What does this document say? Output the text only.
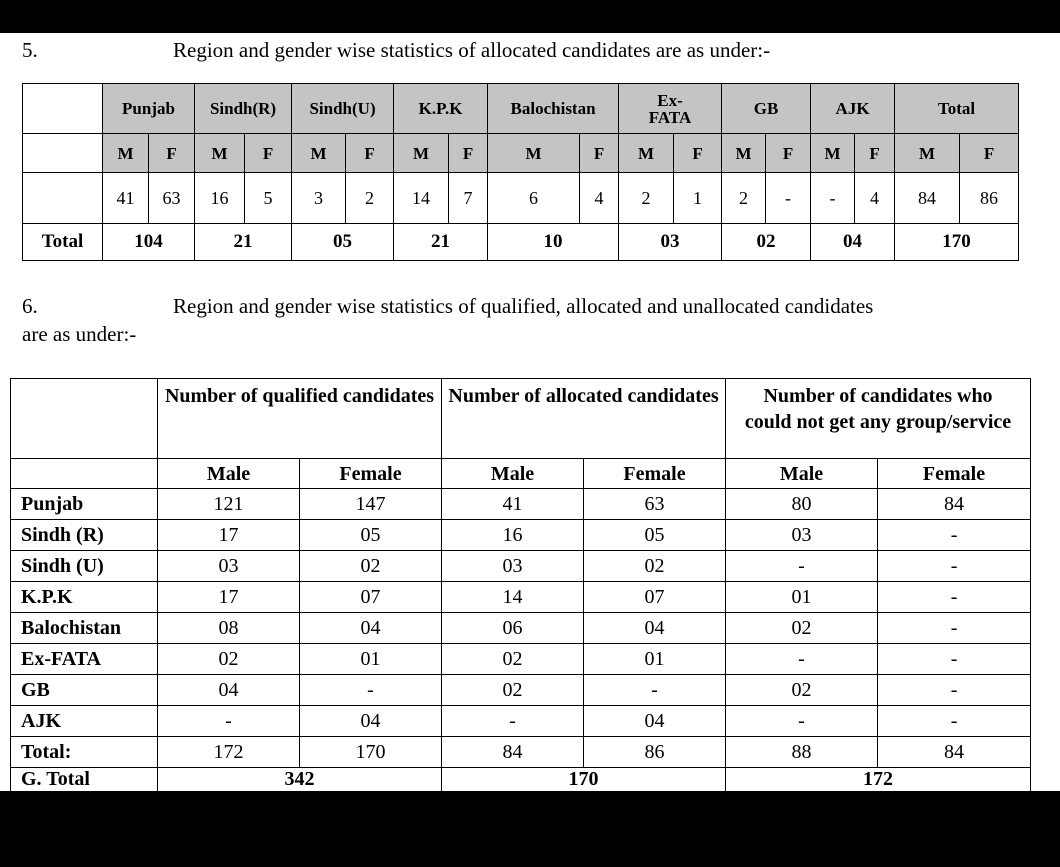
5.	Region and gender wise statistics of allocated candidates are as under:-
	Punjab		Sindh(R)		Sindh(U)		K.P.K		Balochistan		Ex-
FATA		GB		AJK		Total	
	M	F	M	F	M	F	M	F	M	F	M	F	M	F	M	F	M	F
	41	63	16	5	3	2	14	7	6	4	2	1	2	-	-	4	84	86
Total	104		21		05		21		10		03		02		04		170	
6.	Region and gender wise statistics of qualified, allocated and unallocated candidates
are as under:-
	Number of qualified candidates		Number of allocated candidates		Number of candidates who could not get any group/service	
	Male	Female	Male	Female	Male	Female
Punjab	121	147	41	63	80	84
Sindh (R)	17	05	16	05	03	-
Sindh (U)	03	02	03	02	-	-
K.P.K	17	07	14	07	01	-
Balochistan	08	04	06	04	02	-
Ex-FATA	02	01	02	01	-	-
GB	04	-	02	-	02	-
AJK	-	04	-	04	-	-
Total:	172	170	84	86	88	84
G. Total	342		170		172	
